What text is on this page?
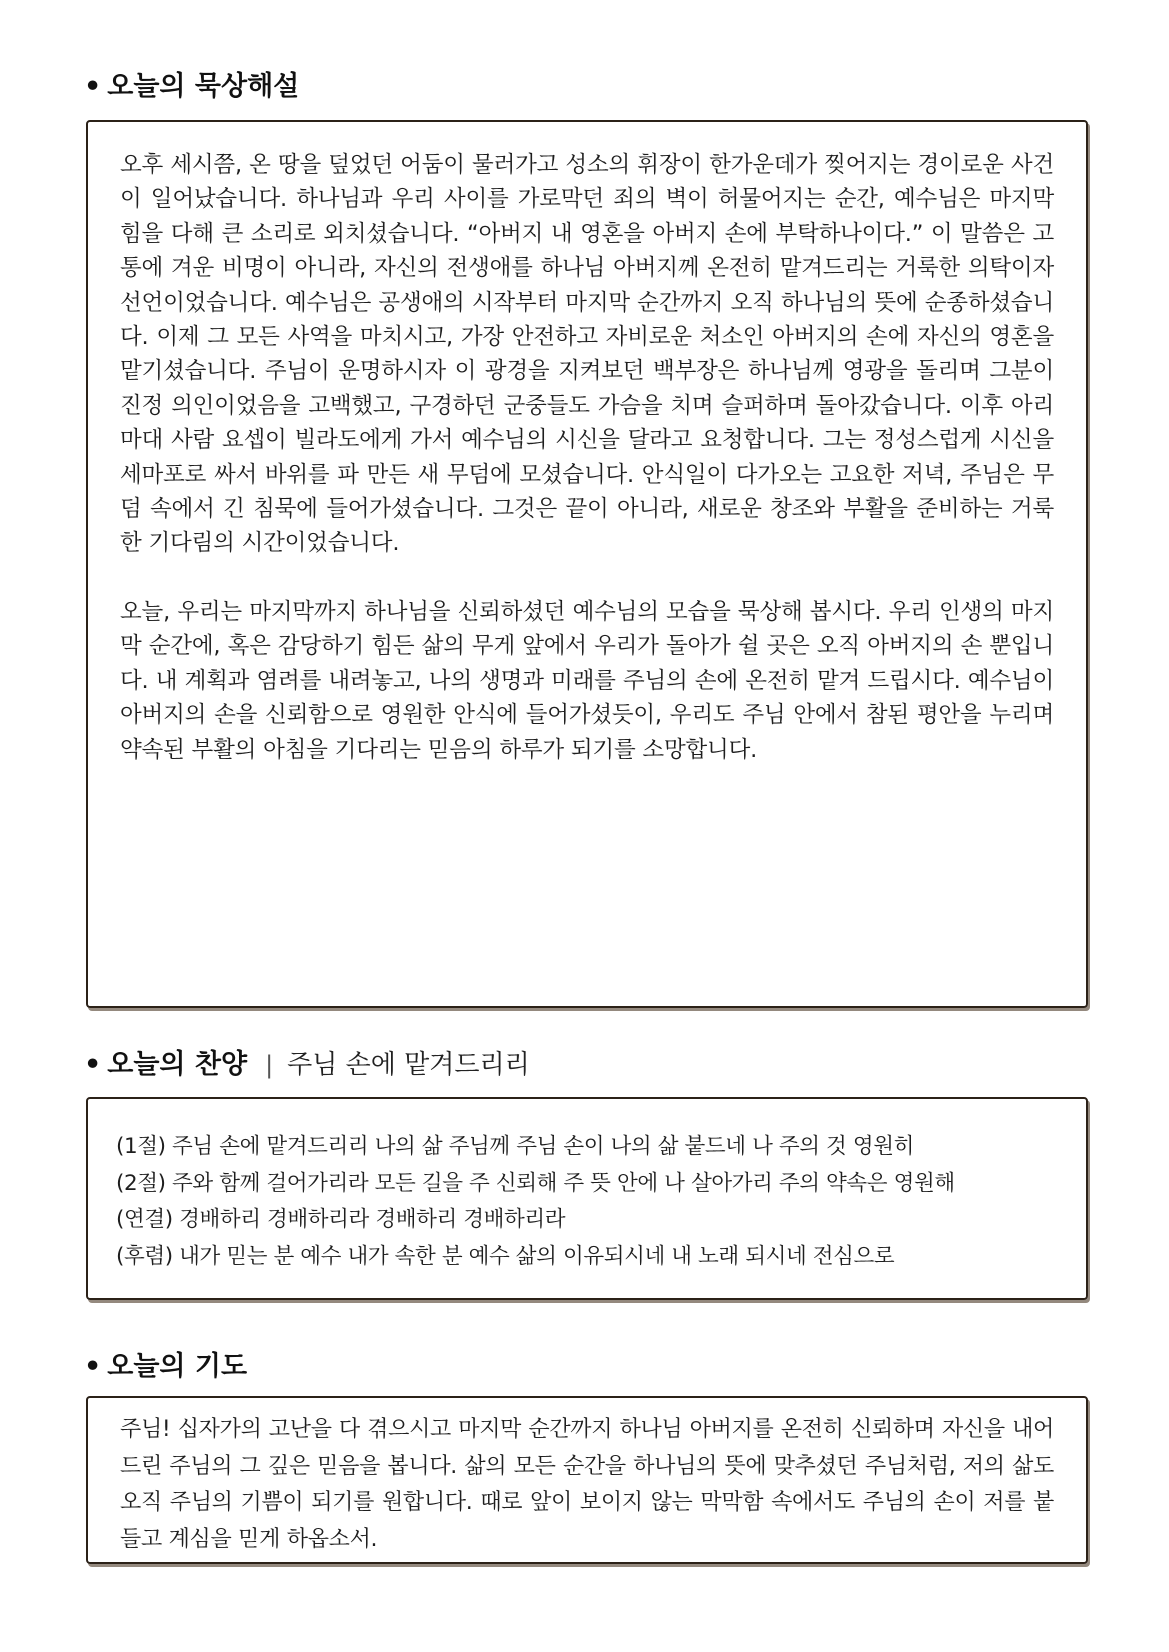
• 오늘의 묵상해설

오후 세시쯤, 온 땅을 덮었던 어둠이 물러가고 성소의 휘장이 한가운데가 찢어지는 경이로운 사건이 일어났습니다. 하나님과 우리 사이를 가로막던 죄의 벽이 허물어지는 순간, 예수님은 마지막 힘을 다해 큰 소리로 외치셨습니다. “아버지 내 영혼을 아버지 손에 부탁하나이다.” 이 말씀은 고통에 겨운 비명이 아니라, 자신의 전생애를 하나님 아버지께 온전히 맡겨드리는 거룩한 의탁이자 선언이었습니다. 예수님은 공생애의 시작부터 마지막 순간까지 오직 하나님의 뜻에 순종하셨습니다. 이제 그 모든 사역을 마치시고, 가장 안전하고 자비로운 처소인 아버지의 손에 자신의 영혼을 맡기셨습니다. 주님이 운명하시자 이 광경을 지켜보던 백부장은 하나님께 영광을 돌리며 그분이 진정 의인이었음을 고백했고, 구경하던 군중들도 가슴을 치며 슬퍼하며 돌아갔습니다. 이후 아리마대 사람 요셉이 빌라도에게 가서 예수님의 시신을 달라고 요청합니다. 그는 정성스럽게 시신을 세마포로 싸서 바위를 파 만든 새 무덤에 모셨습니다. 안식일이 다가오는 고요한 저녁, 주님은 무덤 속에서 긴 침묵에 들어가셨습니다. 그것은 끝이 아니라, 새로운 창조와 부활을 준비하는 거룩한 기다림의 시간이었습니다.

오늘, 우리는 마지막까지 하나님을 신뢰하셨던 예수님의 모습을 묵상해 봅시다. 우리 인생의 마지막 순간에, 혹은 감당하기 힘든 삶의 무게 앞에서 우리가 돌아가 쉴 곳은 오직 아버지의 손 뿐입니다. 내 계획과 염려를 내려놓고, 나의 생명과 미래를 주님의 손에 온전히 맡겨 드립시다. 예수님이 아버지의 손을 신뢰함으로 영원한 안식에 들어가셨듯이, 우리도 주님 안에서 참된 평안을 누리며 약속된 부활의 아침을 기다리는 믿음의 하루가 되기를 소망합니다.

• 오늘의 찬양 | 주님 손에 맡겨드리리

(1절) 주님 손에 맡겨드리리 나의 삶 주님께 주님 손이 나의 삶 붙드네 나 주의 것 영원히

(2절) 주와 함께 걸어가리라 모든 길을 주 신뢰해 주 뜻 안에 나 살아가리 주의 약속은 영원해

(연결) 경배하리 경배하리라 경배하리 경배하리라

(후렴) 내가 믿는 분 예수 내가 속한 분 예수 삶의 이유되시네 내 노래 되시네 전심으로

• 오늘의 기도

주님! 십자가의 고난을 다 겪으시고 마지막 순간까지 하나님 아버지를 온전히 신뢰하며 자신을 내어드린 주님의 그 깊은 믿음을 봅니다. 삶의 모든 순간을 하나님의 뜻에 맞추셨던 주님처럼, 저의 삶도 오직 주님의 기쁨이 되기를 원합니다. 때로 앞이 보이지 않는 막막함 속에서도 주님의 손이 저를 붙들고 계심을 믿게 하옵소서.
